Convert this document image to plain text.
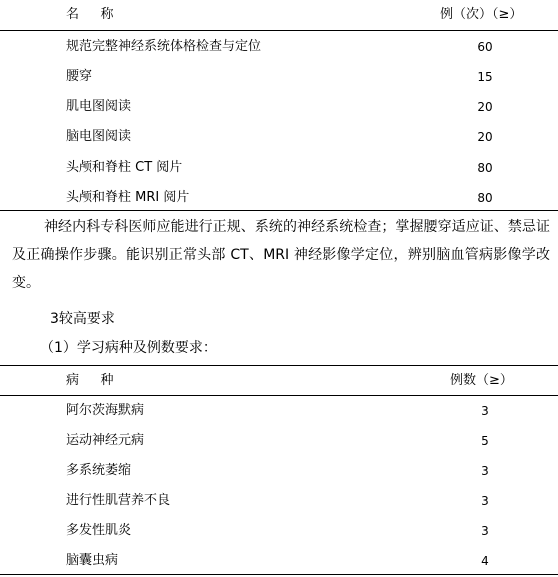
名    称	例（次）（≥）
规范完整神经系统体格检查与定位	60
腰穿	15
肌电图阅读	20
脑电图阅读	20
头颅和脊柱 CT 阅片	80
头颅和脊柱 MRI 阅片	80
神经内科专科医师应能进行正规、系统的神经系统检查；掌握腰穿适应证、禁忌证及正确操作步骤。能识别正常头部 CT、MRI 神经影像学定位，辨别脑血管病影像学改变。
3较高要求
（1）学习病种及例数要求：
病    种	例数（≥）
阿尔茨海默病	3
运动神经元病	5
多系统萎缩	3
进行性肌营养不良	3
多发性肌炎	3
脑囊虫病	4
